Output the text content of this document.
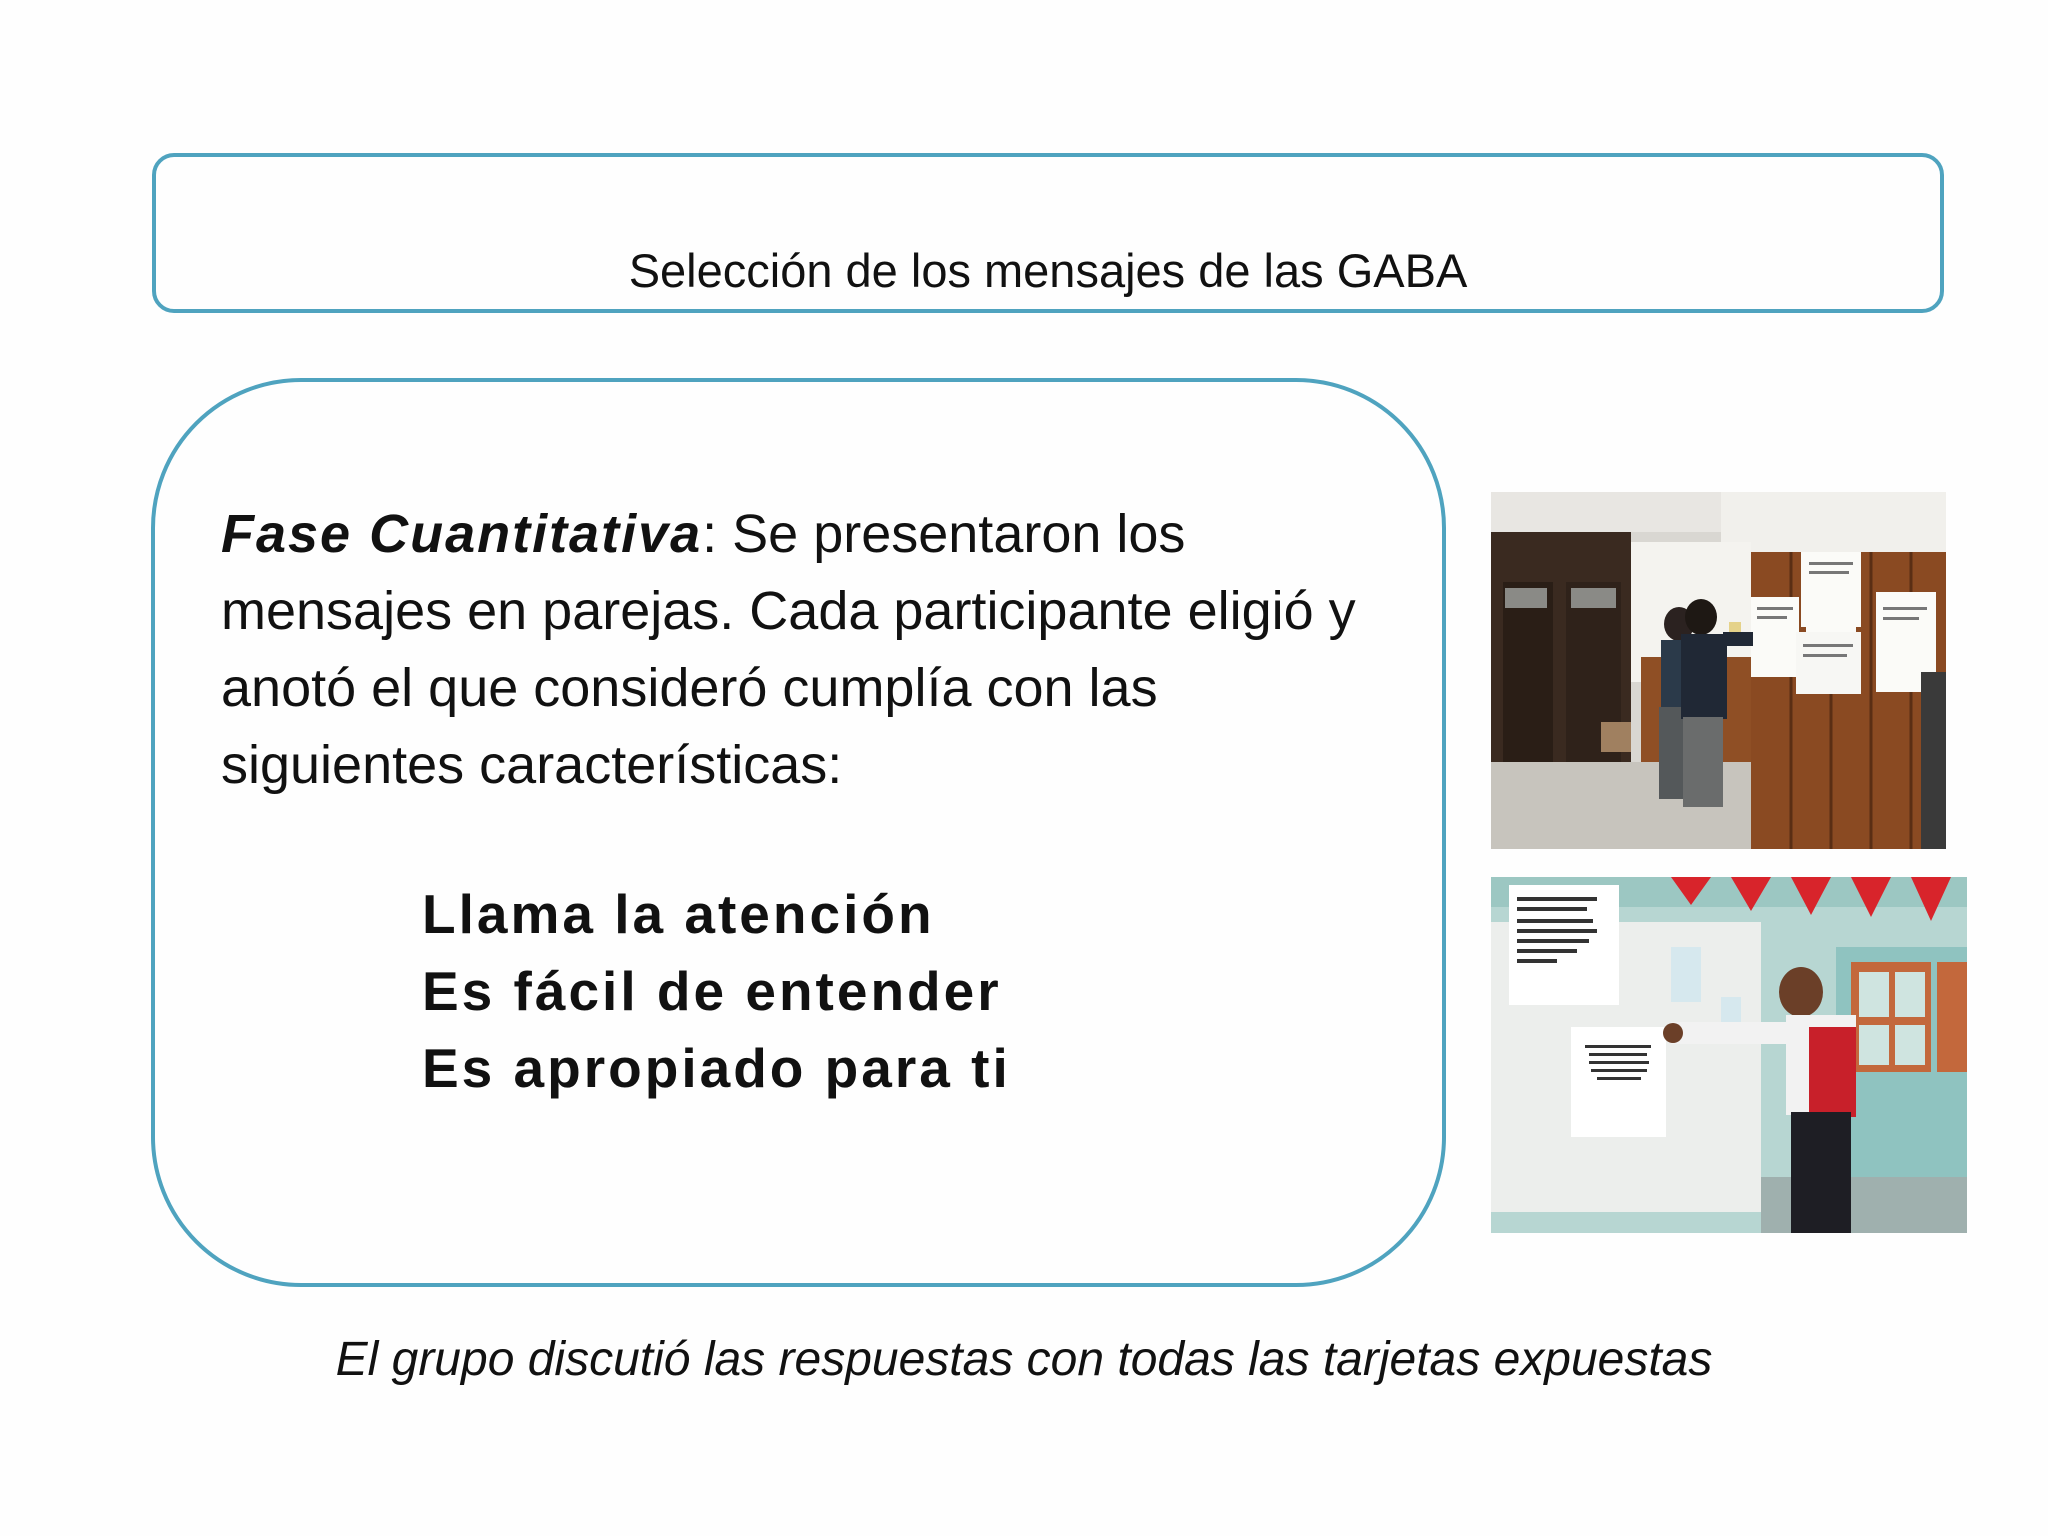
Selección de los mensajes de las GABA
Fase Cuantitativa: Se presentaron los mensajes en parejas. Cada participante eligió y anotó el que consideró cumplía con las siguientes características:
Llama la atención
Es fácil de entender
Es apropiado para ti
El grupo discutió las respuestas con todas las tarjetas expuestas
